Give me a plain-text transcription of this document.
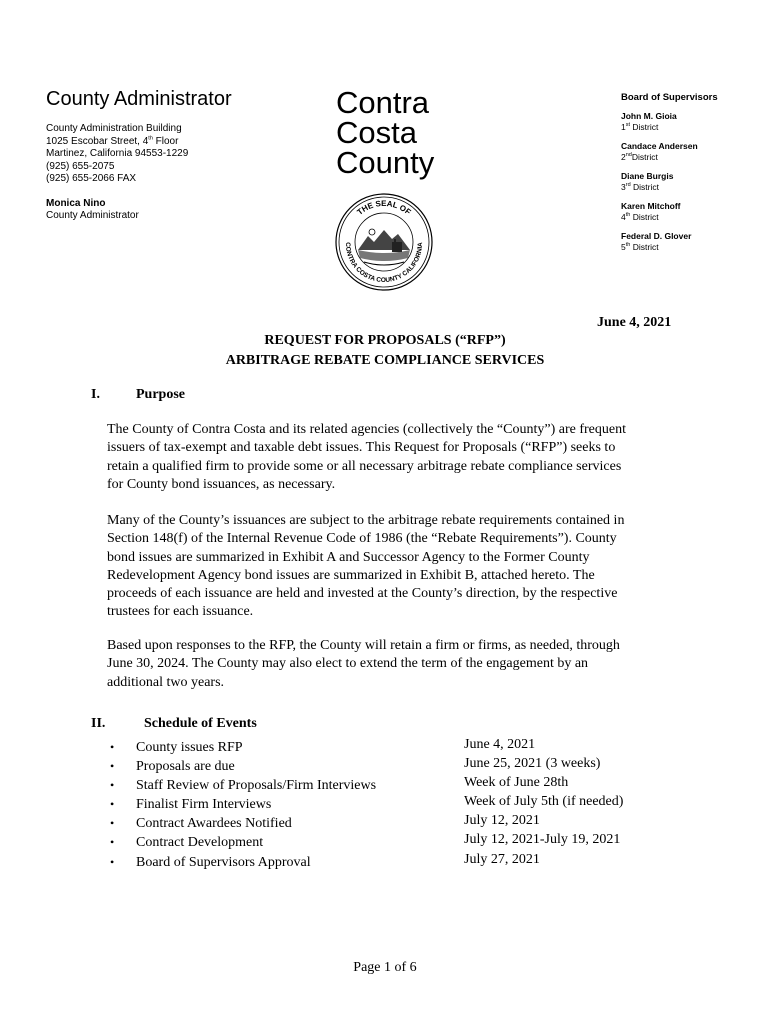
County Administrator
County Administration Building
1025 Escobar Street, 4th Floor
Martinez, California 94553-1229
(925) 655-2075
(925) 655-2066 FAX
Monica Nino
County Administrator
Contra
Costa
County
THE SEAL OF
CONTRA COSTA COUNTY CALIFORNIA
Board of Supervisors
John M. Gioia
1st District
Candace Andersen
2ndDistrict
Diane Burgis
3rd District
Karen Mitchoff
4th District
Federal D. Glover
5th District
June 4, 2021
REQUEST FOR PROPOSALS (“RFP”)
ARBITRAGE REBATE COMPLIANCE SERVICES
I.	Purpose
The County of Contra Costa and its related agencies (collectively the “County”) are frequent
issuers of tax-exempt and taxable debt issues. This Request for Proposals (“RFP”) seeks to
retain a qualified firm to provide some or all necessary arbitrage rebate compliance services
for County bond issuances, as necessary.
Many of the County’s issuances are subject to the arbitrage rebate requirements contained in
Section 148(f) of the Internal Revenue Code of 1986 (the “Rebate Requirements”). County
bond issues are summarized in Exhibit A and Successor Agency to the Former County
Redevelopment Agency bond issues are summarized in Exhibit B, attached hereto. The
proceeds of each issuance are held and invested at the County’s direction, by the respective
trustees for each issuance.
Based upon responses to the RFP, the County will retain a firm or firms, as needed, through
June 30, 2024. The County may also elect to extend the term of the engagement by an
additional two years.
II.	Schedule of Events
• County issues RFP	June 4, 2021
• Proposals are due	June 25, 2021 (3 weeks)
• Staff Review of Proposals/Firm Interviews	Week of June 28th
• Finalist Firm Interviews	Week of July 5th (if needed)
• Contract Awardees Notified	July 12, 2021
• Contract Development	July 12, 2021-July 19, 2021
• Board of Supervisors Approval	July 27, 2021
Page 1 of 6
